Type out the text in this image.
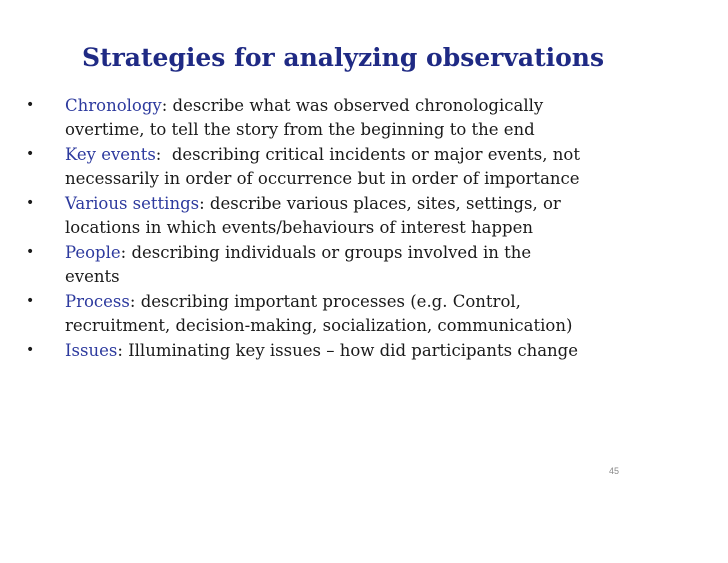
Strategies for analyzing observations
• Chronology: describe what was observed chronologically
overtime, to tell the story from the beginning to the end
• Key events:  describing critical incidents or major events, not
necessarily in order of occurrence but in order of importance
• Various settings: describe various places, sites, settings, or
locations in which events/behaviours of interest happen
• People: describing individuals or groups involved in the
events
• Process: describing important processes (e.g. Control,
recruitment, decision-making, socialization, communication)
• Issues: Illuminating key issues – how did participants change
45
